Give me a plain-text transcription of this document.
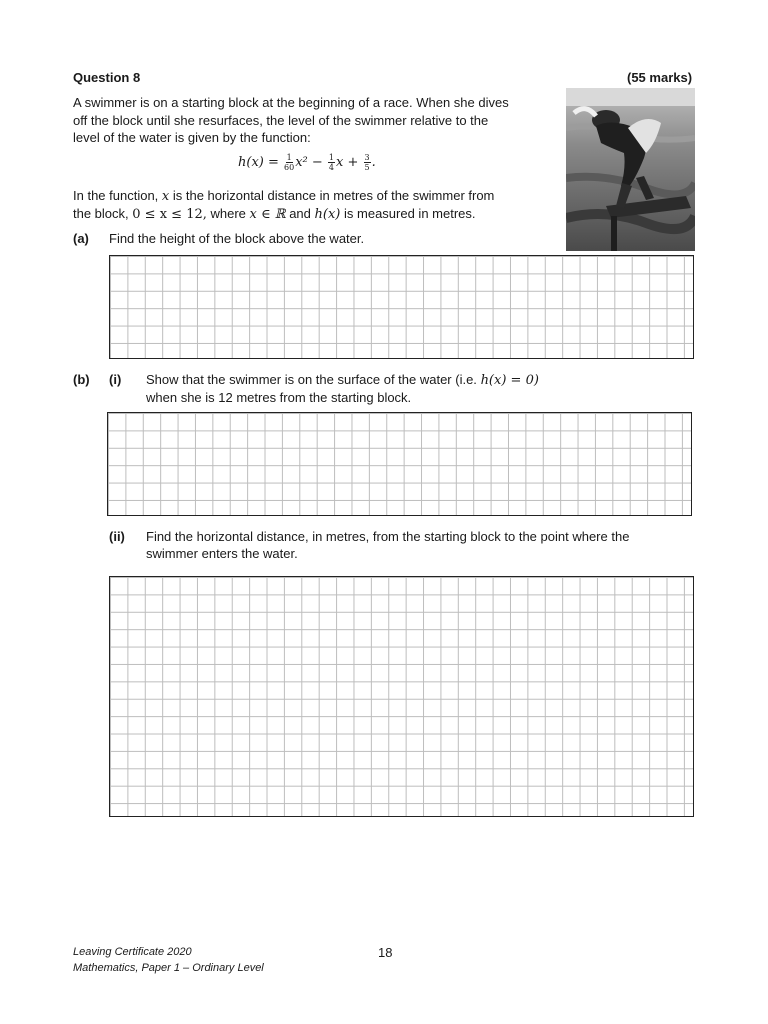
Question 8	(55 marks)
A swimmer is on a starting block at the beginning of a race. When she dives
off the block until she resurfaces, the level of the swimmer relative to the
level of the water is given by the function:
$h(x) = \frac{1}{60} x^2 - \frac{1}{4}$ $x + \frac{3}{5}$ .
In the function, x is the horizontal distance in metres of the swimmer from
the block, 0 ≤ x ≤ 12, where x ∈ ℝ and h(x) is measured in metres.
(a) Find the height of the block above the water.
(b) (i) Show that the swimmer is on the surface of the water (i.e. h(x) = 0)
when she is 12 metres from the starting block.
(ii) Find the horizontal distance, in metres, from the starting block to the point where the
swimmer enters the water.
Leaving Certificate 2020
Mathematics, Paper 1 – Ordinary Level
18
